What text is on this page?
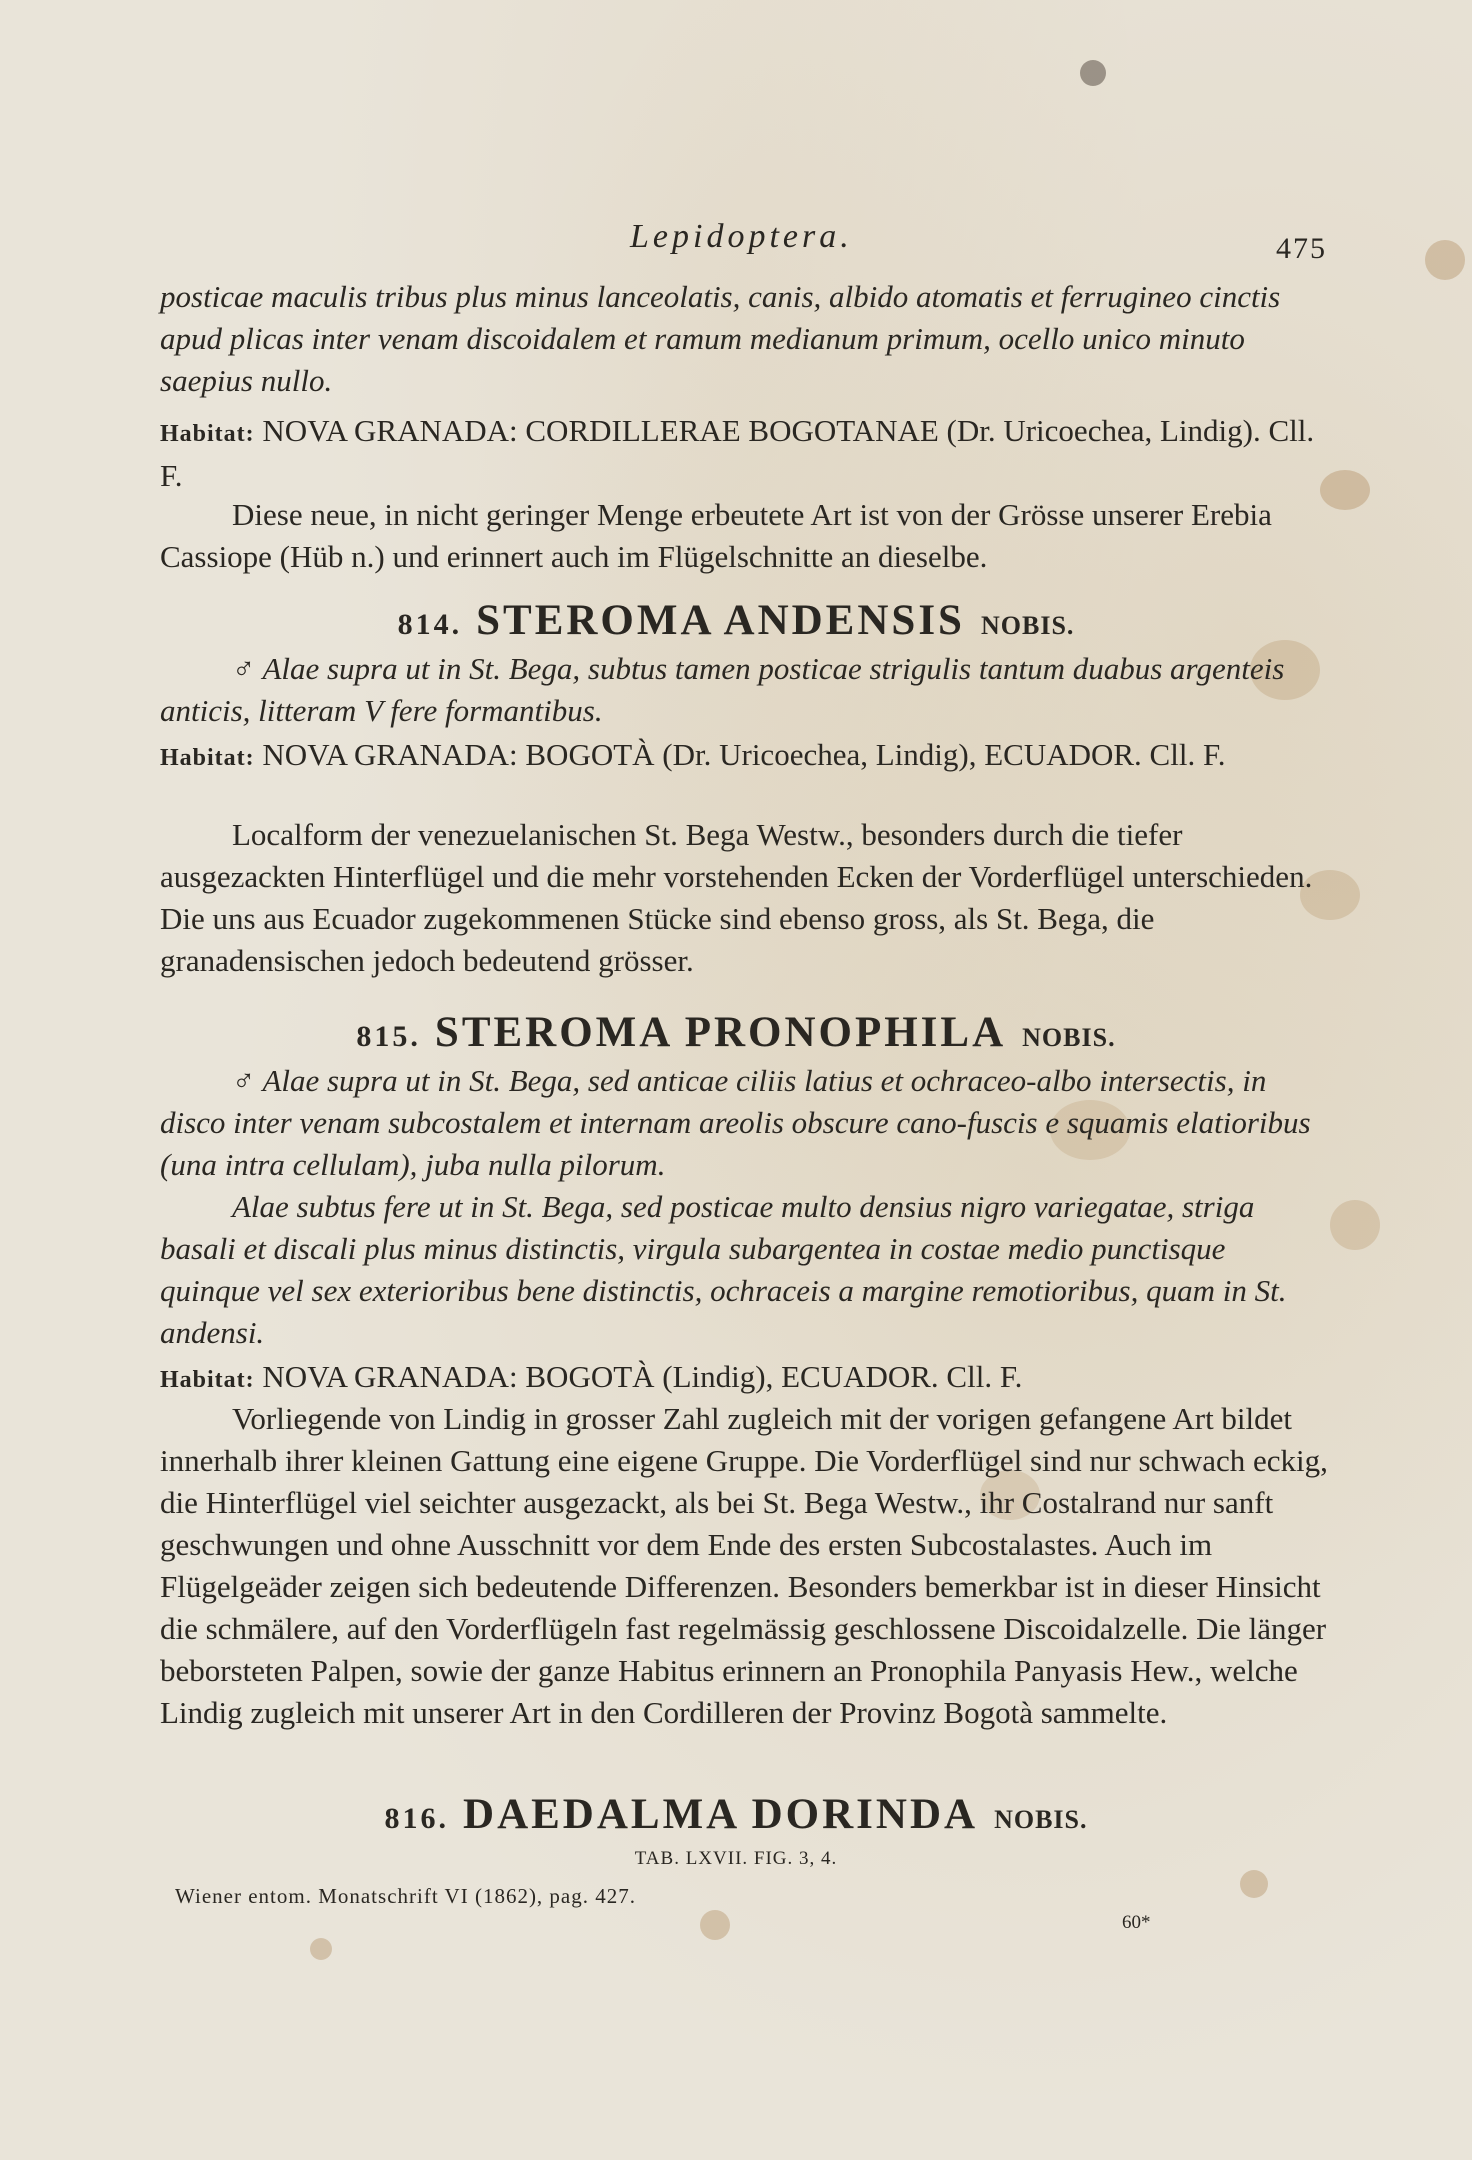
Lepidoptera.	475
posticae maculis tribus plus minus lanceolatis, canis, albido atomatis et ferrugineo cinctis apud plicas inter venam discoidalem et ramum medianum primum, ocello unico minuto saepius nullo.
Habitat: NOVA GRANADA: CORDILLERAE BOGOTANAE (Dr. Uricoechea, Lindig). Cll. F.
Diese neue, in nicht geringer Menge erbeutete Art ist von der Grösse unserer Erebia Cassiope (Hüb n.) und erinnert auch im Flügelschnitte an dieselbe.
814. STEROMA ANDENSIS NOBIS.
♂ Alae supra ut in St. Bega, subtus tamen posticae strigulis tantum duabus argenteis anticis, litteram V fere formantibus.
Habitat: NOVA GRANADA: BOGOTÀ (Dr. Uricoechea, Lindig), ECUADOR. Cll. F.
Localform der venezuelanischen St. Bega Westw., besonders durch die tiefer ausgezackten Hinterflügel und die mehr vorstehenden Ecken der Vorderflügel unterschieden. Die uns aus Ecuador zugekommenen Stücke sind ebenso gross, als St. Bega, die granadensischen jedoch bedeutend grösser.
815. STEROMA PRONOPHILA NOBIS.
♂ Alae supra ut in St. Bega, sed anticae ciliis latius et ochraceo-albo intersectis, in disco inter venam subcostalem et internam areolis obscure cano-fuscis e squamis elatioribus (una intra cellulam), juba nulla pilorum.
Alae subtus fere ut in St. Bega, sed posticae multo densius nigro variegatae, striga basali et discali plus minus distinctis, virgula subargentea in costae medio punctisque quinque vel sex exterioribus bene distinctis, ochraceis a margine remotioribus, quam in St. andensi.
Habitat: NOVA GRANADA: BOGOTÀ (Lindig), ECUADOR. Cll. F.
Vorliegende von Lindig in grosser Zahl zugleich mit der vorigen gefangene Art bildet innerhalb ihrer kleinen Gattung eine eigene Gruppe. Die Vorderflügel sind nur schwach eckig, die Hinterflügel viel seichter ausgezackt, als bei St. Bega Westw., ihr Costalrand nur sanft geschwungen und ohne Ausschnitt vor dem Ende des ersten Subcostalastes. Auch im Flügelgeäder zeigen sich bedeutende Differenzen. Besonders bemerkbar ist in dieser Hinsicht die schmälere, auf den Vorderflügeln fast regelmässig geschlossene Discoidalzelle. Die länger beborsteten Palpen, sowie der ganze Habitus erinnern an Pronophila Panyasis Hew., welche Lindig zugleich mit unserer Art in den Cordilleren der Provinz Bogotà sammelte.
816. DAEDALMA DORINDA NOBIS.
TAB. LXVII. FIG. 3, 4.
Wiener entom. Monatschrift VI (1862), pag. 427.
60*
